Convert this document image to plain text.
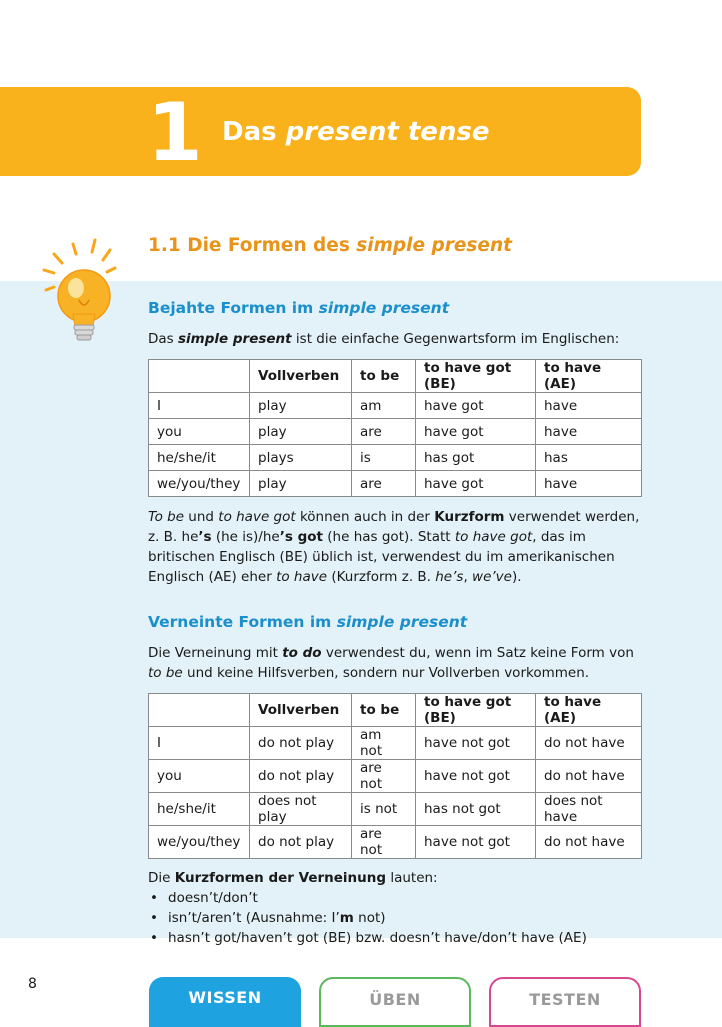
1 Das present tense
1.1 Die Formen des simple present

Bejahte Formen im simple present

Das simple present ist die einfache Gegenwartsform im Englischen:

	Vollverben	to be	to have got (BE)	to have (AE)
I	play	am	have got	have
you	play	are	have got	have
he/she/it	plays	is	has got	has
we/you/they	play	are	have got	have

To be und to have got können auch in der Kurzform verwendet werden, z. B. he’s (he is)/he’s got (he has got). Statt to have got, das im britischen Englisch (BE) üblich ist, verwendest du im amerikanischen Englisch (AE) eher to have (Kurzform z. B. he’s, we’ve).

Verneinte Formen im simple present

Die Verneinung mit to do verwendest du, wenn im Satz keine Form von to be und keine Hilfsverben, sondern nur Vollverben vorkommen.

	Vollverben	to be	to have got (BE)	to have (AE)
I	do not play	am not	have not got	do not have
you	do not play	are not	have not got	do not have
he/she/it	does not play	is not	has not got	does not have
we/you/they	do not play	are not	have not got	do not have

Die Kurzformen der Verneinung lauten:

• doesn’t/don’t
• isn’t/aren’t (Ausnahme: I’m not)
• hasn’t got/haven’t got (BE) bzw. doesn’t have/don’t have (AE)
8
WISSEN	ÜBEN	TESTEN
